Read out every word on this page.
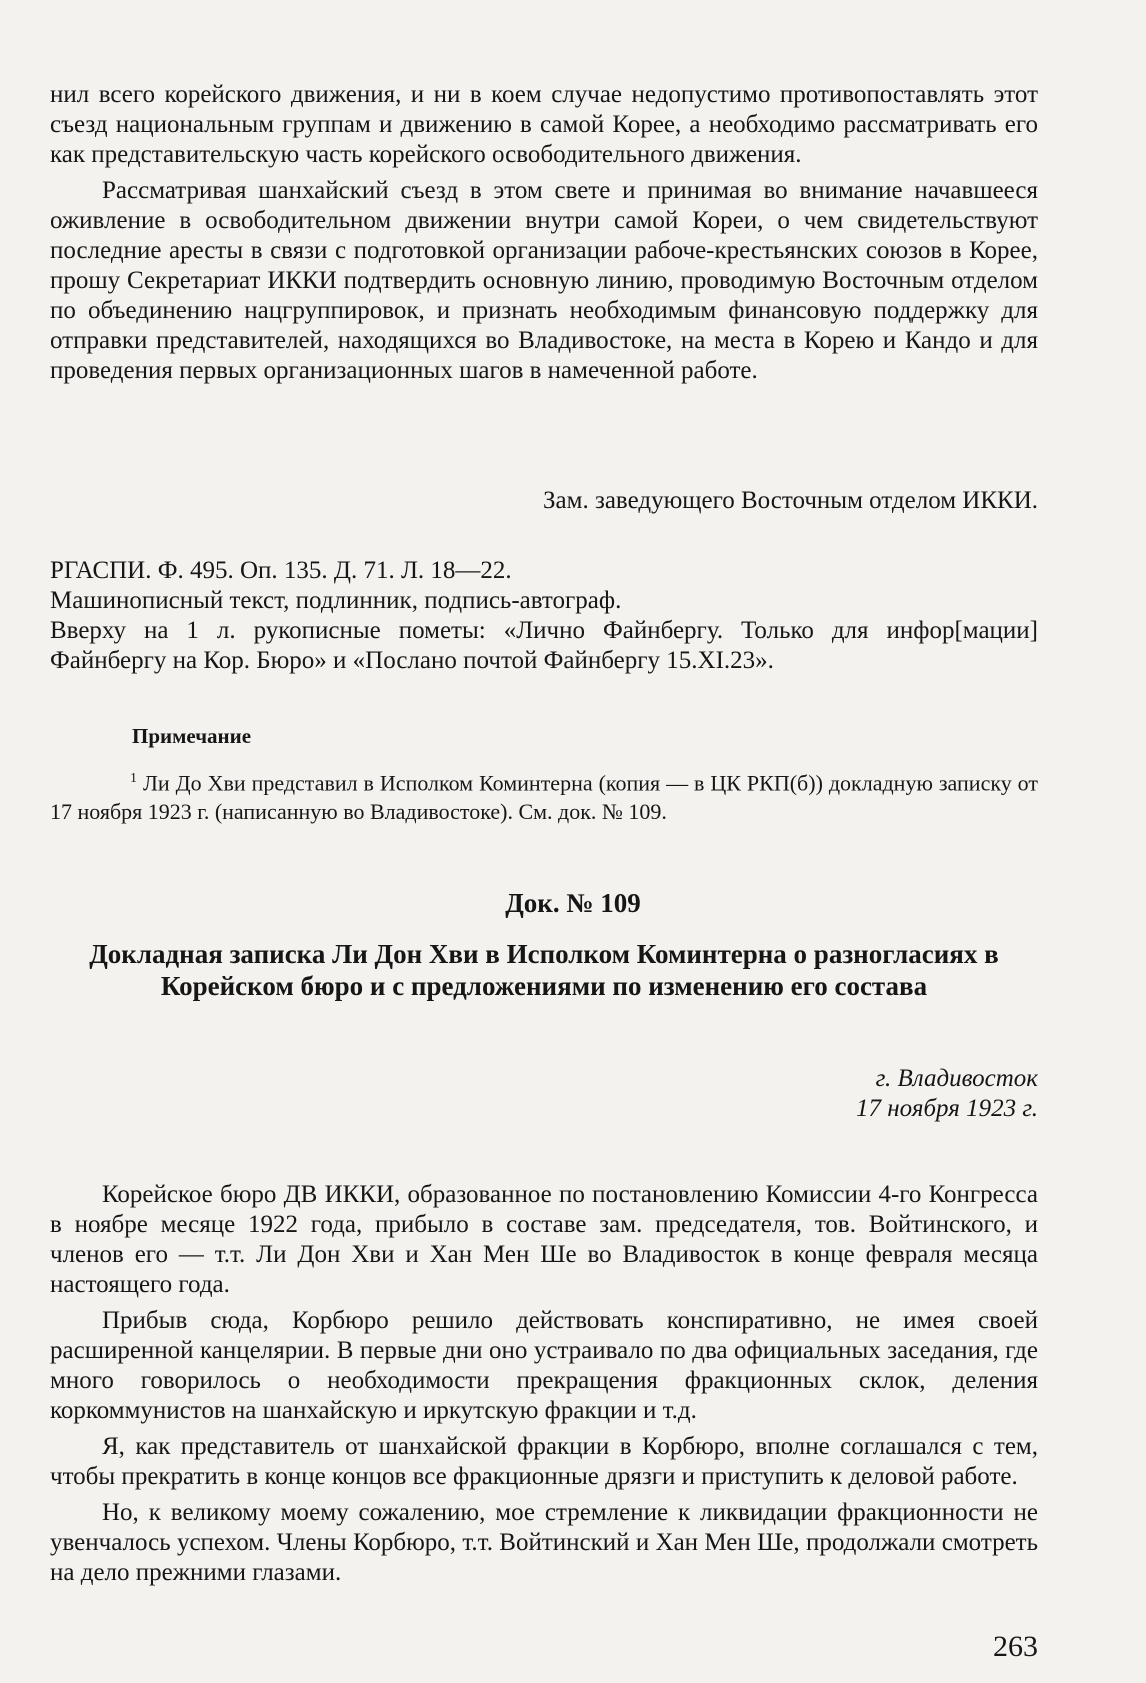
нил всего корейского движения, и ни в коем случае недопустимо противопоставлять этот съезд национальным группам и движению в самой Корее, а необходимо рассматривать его как представительскую часть корейского освободительного движения.

Рассматривая шанхайский съезд в этом свете и принимая во внимание начавшееся оживление в освободительном движении внутри самой Кореи, о чем свидетельствуют последние аресты в связи с подготовкой организации рабоче-крестьянских союзов в Корее, прошу Секретариат ИККИ подтвердить основную линию, проводимую Восточным отделом по объединению нацгруппировок, и признать необходимым финансовую поддержку для отправки представителей, находящихся во Владивостоке, на места в Корею и Кандо и для проведения первых организационных шагов в намеченной работе.

Зам. заведующего Восточным отделом ИККИ.
РГАСПИ. Ф. 495. Оп. 135. Д. 71. Л. 18—22.
Машинописный текст, подлинник, подпись-автограф.
Вверху на 1 л. рукописные пометы: «Лично Файнбергу. Только для инфор[мации] Файнбергу на Кор. Бюро» и «Послано почтой Файнбергу 15.XI.23».
Примечание
$^1$ Ли До Хви представил в Исполком Коминтерна (копия — в ЦК РКП(б)) докладную записку от 17 ноября 1923 г. (написанную во Владивостоке). См. док. № 109.
Док. № 109
Докладная записка Ли Дон Хви в Исполком Коминтерна о разногласиях в Корейском бюро и с предложениями по изменению его состава
г. Владивосток
17 ноября 1923 г.

Корейское бюро ДВ ИККИ, образованное по постановлению Комиссии 4-го Конгресса в ноябре месяце 1922 года, прибыло в составе зам. председателя, тов. Войтинского, и членов его — т.т. Ли Дон Хви и Хан Мен Ше во Владивосток в конце февраля месяца настоящего года.

Прибыв сюда, Корбюро решило действовать конспиративно, не имея своей расширенной канцелярии. В первые дни оно устраивало по два официальных заседания, где много говорилось о необходимости прекращения фракционных склок, деления коркоммунистов на шанхайскую и иркутскую фракции и т.д.

Я, как представитель от шанхайской фракции в Корбюро, вполне соглашался с тем, чтобы прекратить в конце концов все фракционные дрязги и приступить к деловой работе.

Но, к великому моему сожалению, мое стремление к ликвидации фракционности не увенчалось успехом. Члены Корбюро, т.т. Войтинский и Хан Мен Ше, продолжали смотреть на дело прежними глазами.

263
